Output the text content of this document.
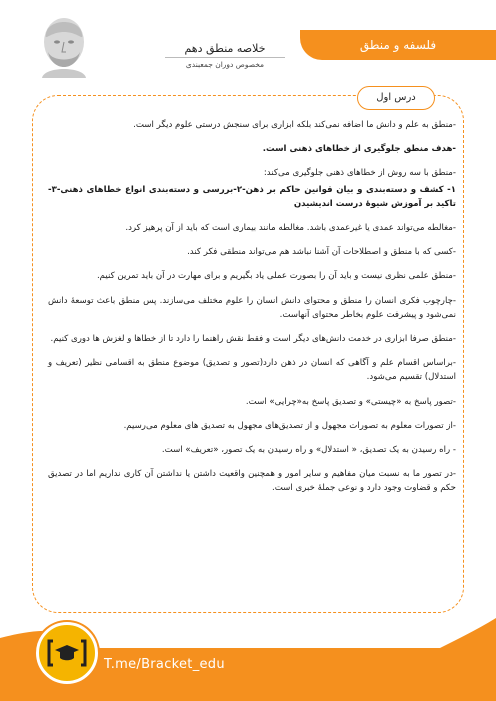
فلسفه و منطق
خلاصه منطق دهم
مخصوص دوران جمعبندی
درس اول

-منطق به علم و دانش ما اضافه نمی‌کند بلکه ابزاری برای سنجش درستی علوم دیگر است.

-هدف منطق جلوگیری از خطاهای ذهنی است.

-منطق با سه روش از خطاهای ذهنی جلوگیری می‌کند:

۱- کشف و دسته‌بندی و بیان قوانین حاکم بر ذهن-۲-بررسی و دسته‌بندی انواع خطاهای ذهنی-۳-تاکید بر آموزش شیوهٔ درست اندیشیدن

-مغالطه می‌تواند عمدی یا غیرعمدی باشد. مغالطه مانند بیماری است که باید از آن پرهیز کرد.

-کسی که با منطق و اصطلاحات آن آشنا نباشد هم می‌تواند منطقی فکر کند.

-منطق علمی نظری نیست و باید آن را بصورت عملی یاد بگیریم و برای مهارت در آن باید تمرین کنیم.

-چارچوب فکری انسان را منطق و محتوای دانش انسان را علوم مختلف می‌سازند. پس منطق باعث توسعهٔ دانش نمی‌شود و پیشرفت علوم بخاطر محتوای آنهاست.

-منطق صرفا ابزاری در خدمت دانش‌های دیگر است و فقط نقش راهنما را دارد تا از خطاها و لغزش ها دوری کنیم.

-براساس اقسام علم و آگاهی که انسان در ذهن دارد(تصور و تصدیق) موضوع منطق به اقسامی نظیر (تعریف و استدلال) تقسیم می‌شود.

-تصور پاسخ به «چیستی» و تصدیق پاسخ به«چرایی» است.

-از تصورات معلوم به تصورات مجهول و از تصدیق‌های مجهول به تصدیق های معلوم می‌رسیم.

- راه رسیدن به یک تصدیق، « استدلال» و راه رسیدن به یک تصور، «تعریف» است.

-در تصور ما به نسبت میان مفاهیم و سایر امور و همچنین واقعیت داشتن یا نداشتن آن کاری نداریم اما در تصدیق حکم و قضاوت وجود دارد و نوعی جملهٔ خبری است.

T.me/Bracket_edu
